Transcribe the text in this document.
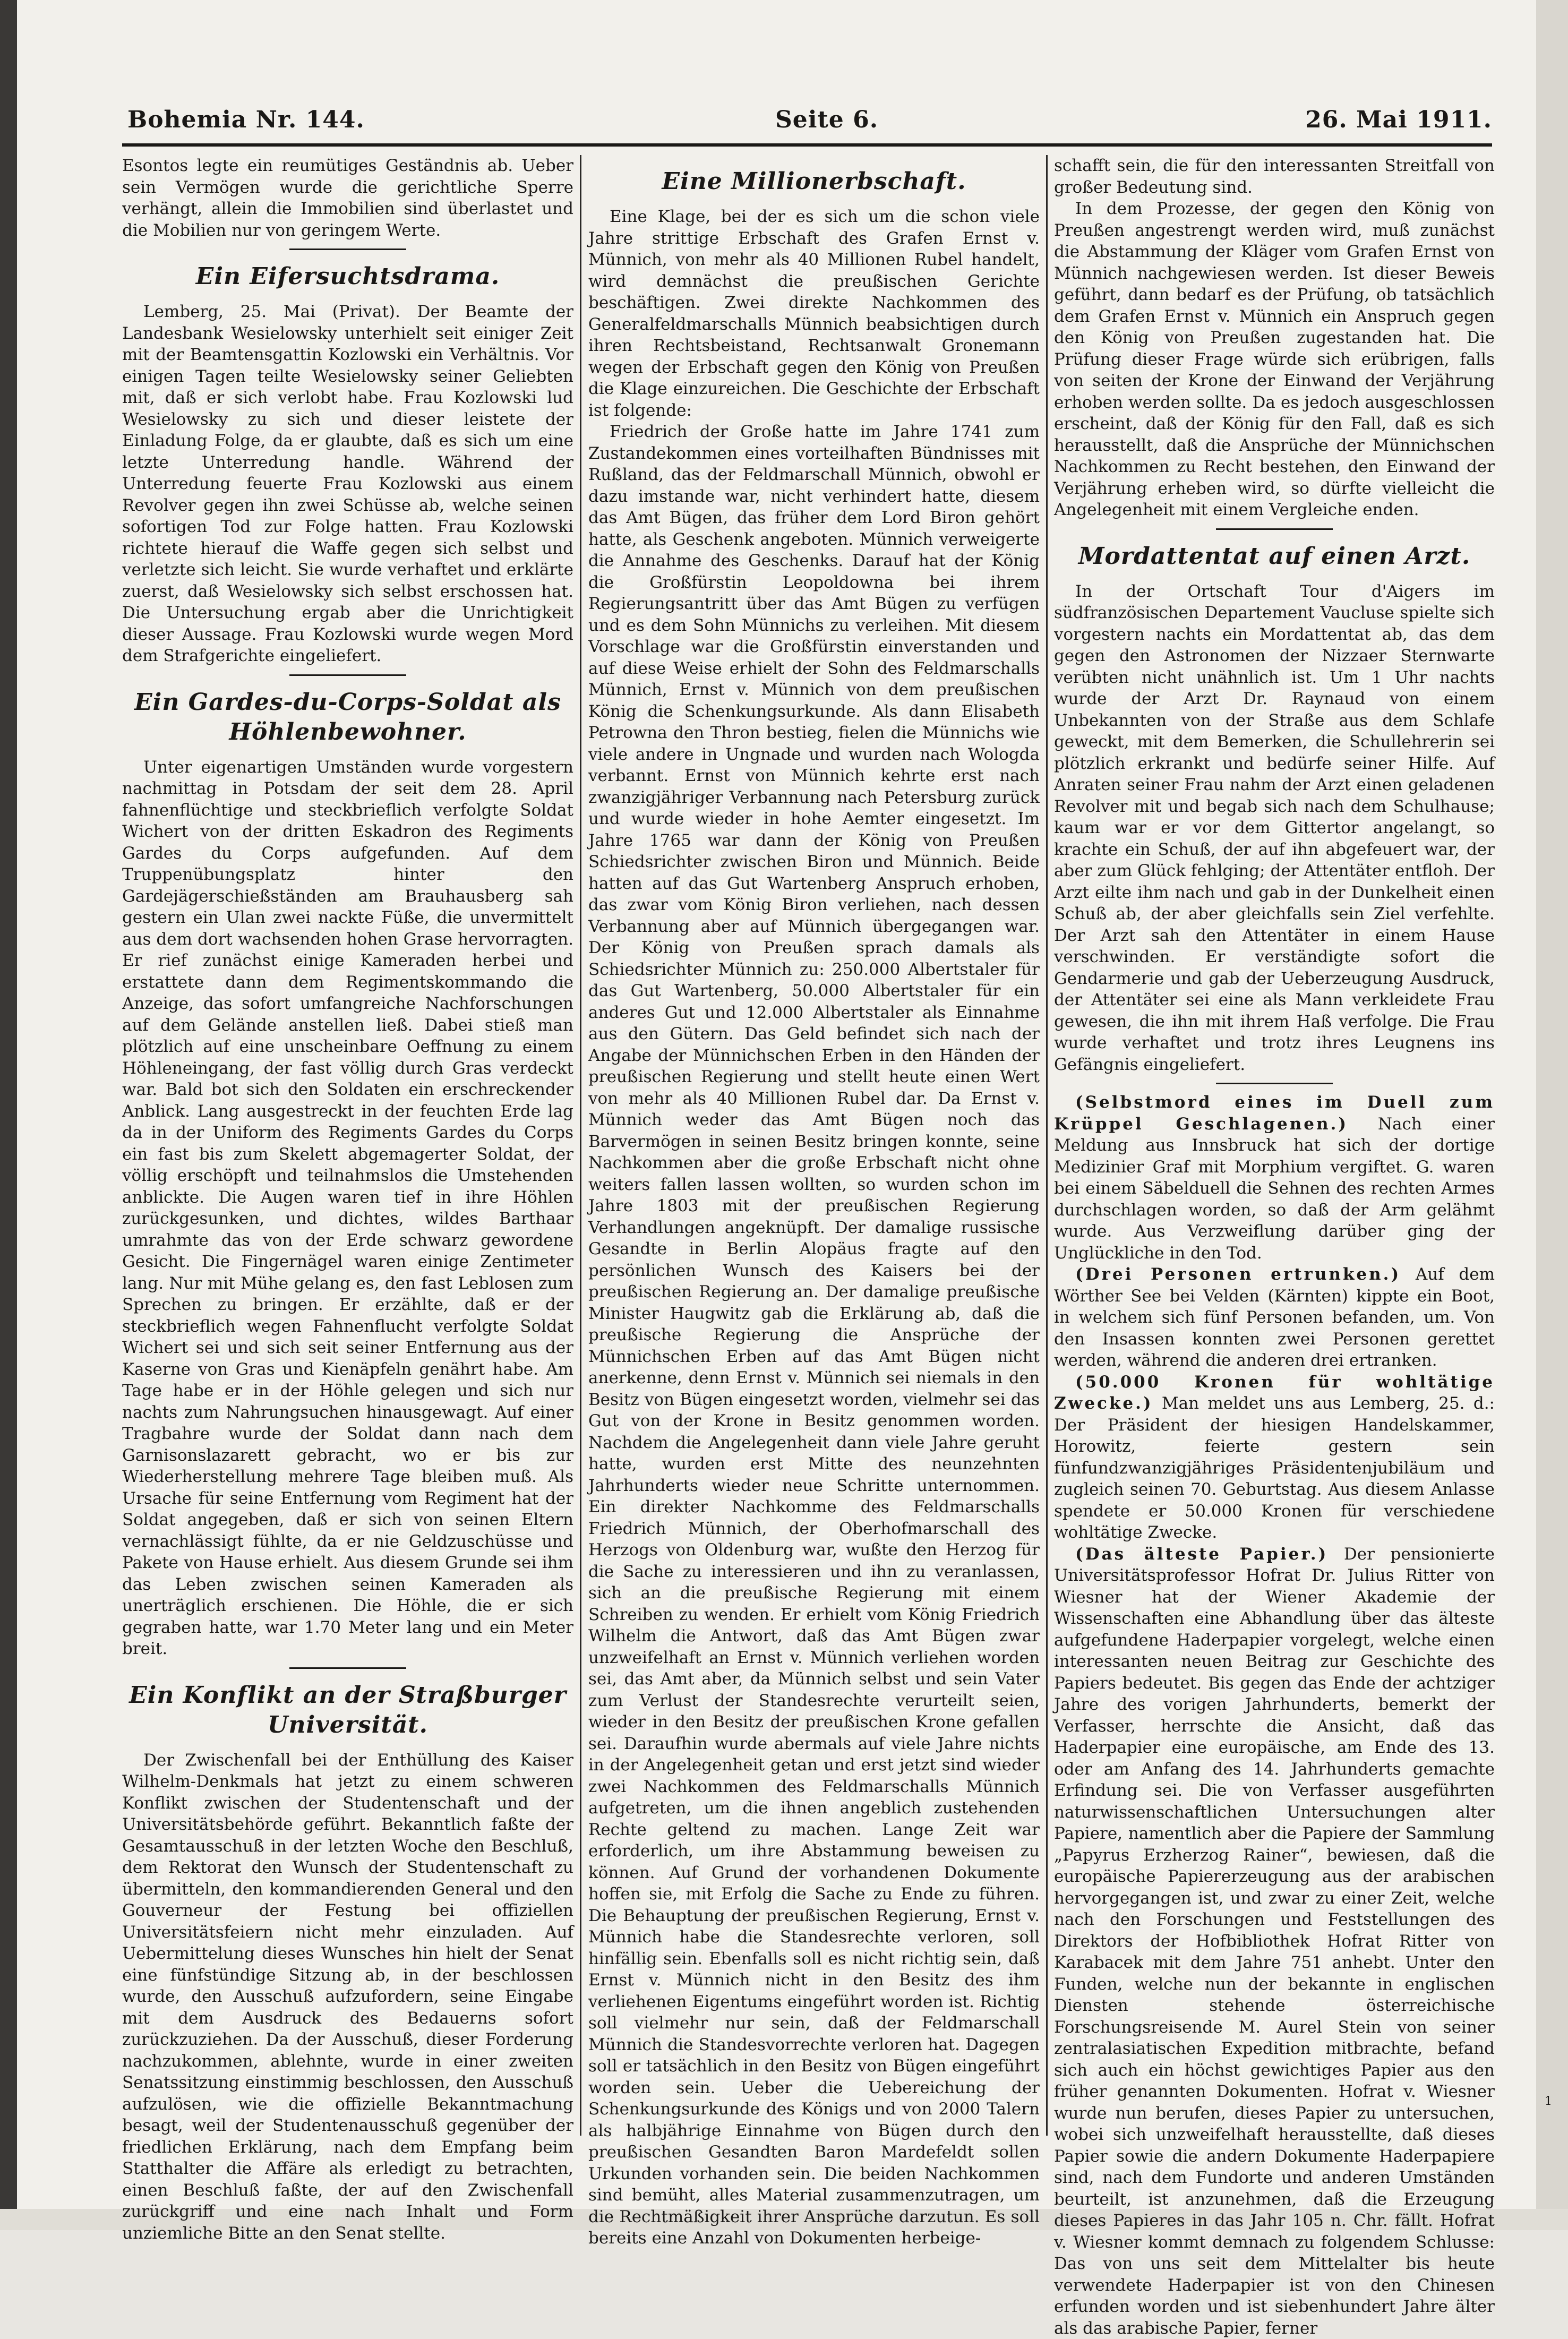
Bohemia Nr. 144.	Seite 6.	26. Mai 1911.

Esontos legte ein reumütiges Geständnis ab. Ueber sein Vermögen wurde die gerichtliche Sperre verhängt, allein die Immobilien sind überlastet und die Mobilien nur von geringem Werte.

Ein Eifersuchtsdrama.

Lemberg, 25. Mai (Privat). Der Beamte der Landesbank Wesielowsky unterhielt seit einiger Zeit mit der Beamtensgattin Kozlowski ein Verhältnis. Vor einigen Tagen teilte Wesielowsky seiner Geliebten mit, daß er sich verlobt habe. Frau Kozlowski lud Wesielowsky zu sich und dieser leistete der Einladung Folge, da er glaubte, daß es sich um eine letzte Unterredung handle. Während der Unterredung feuerte Frau Kozlowski aus einem Revolver gegen ihn zwei Schüsse ab, welche seinen sofortigen Tod zur Folge hatten. Frau Kozlowski richtete hierauf die Waffe gegen sich selbst und verletzte sich leicht. Sie wurde verhaftet und erklärte zuerst, daß Wesielowsky sich selbst erschossen hat. Die Untersuchung ergab aber die Unrichtigkeit dieser Aussage. Frau Kozlowski wurde wegen Mord dem Strafgerichte eingeliefert.

Ein Gardes-du-Corps-Soldat als Höhlenbewohner.

Unter eigenartigen Umständen wurde vorgestern nachmittag in Potsdam der seit dem 28. April fahnenflüchtige und steckbrieflich verfolgte Soldat Wichert von der dritten Eskadron des Regiments Gardes du Corps aufgefunden. Auf dem Truppenübungsplatz hinter den Gardejägerschießständen am Brauhausberg sah gestern ein Ulan zwei nackte Füße, die unvermittelt aus dem dort wachsenden hohen Grase hervorragten. Er rief zunächst einige Kameraden herbei und erstattete dann dem Regimentskommando die Anzeige, das sofort umfangreiche Nachforschungen auf dem Gelände anstellen ließ. Dabei stieß man plötzlich auf eine unscheinbare Oeffnung zu einem Höhleneingang, der fast völlig durch Gras verdeckt war. Bald bot sich den Soldaten ein erschreckender Anblick. Lang ausgestreckt in der feuchten Erde lag da in der Uniform des Regiments Gardes du Corps ein fast bis zum Skelett abgemagerter Soldat, der völlig erschöpft und teilnahmslos die Umstehenden anblickte. Die Augen waren tief in ihre Höhlen zurückgesunken, und dichtes, wildes Barthaar umrahmte das von der Erde schwarz gewordene Gesicht. Die Fingernägel waren einige Zentimeter lang. Nur mit Mühe gelang es, den fast Leblosen zum Sprechen zu bringen. Er erzählte, daß er der steckbrieflich wegen Fahnenflucht verfolgte Soldat Wichert sei und sich seit seiner Entfernung aus der Kaserne von Gras und Kienäpfeln genährt habe. Am Tage habe er in der Höhle gelegen und sich nur nachts zum Nahrungsuchen hinausgewagt. Auf einer Tragbahre wurde der Soldat dann nach dem Garnisonslazarett gebracht, wo er bis zur Wiederherstellung mehrere Tage bleiben muß. Als Ursache für seine Entfernung vom Regiment hat der Soldat angegeben, daß er sich von seinen Eltern vernachlässigt fühlte, da er nie Geldzuschüsse und Pakete von Hause erhielt. Aus diesem Grunde sei ihm das Leben zwischen seinen Kameraden als unerträglich erschienen. Die Höhle, die er sich gegraben hatte, war 1.70 Meter lang und ein Meter breit.

Ein Konflikt an der Straßburger Universität.

Der Zwischenfall bei der Enthüllung des Kaiser Wilhelm-Denkmals hat jetzt zu einem schweren Konflikt zwischen der Studentenschaft und der Universitätsbehörde geführt. Bekanntlich faßte der Gesamtausschuß in der letzten Woche den Beschluß, dem Rektorat den Wunsch der Studentenschaft zu übermitteln, den kommandierenden General und den Gouverneur der Festung bei offiziellen Universitätsfeiern nicht mehr einzuladen. Auf Uebermittelung dieses Wunsches hin hielt der Senat eine fünfstündige Sitzung ab, in der beschlossen wurde, den Ausschuß aufzufordern, seine Eingabe mit dem Ausdruck des Bedauerns sofort zurückzuziehen. Da der Ausschuß, dieser Forderung nachzukommen, ablehnte, wurde in einer zweiten Senatssitzung einstimmig beschlossen, den Ausschuß aufzulösen, wie die offizielle Bekanntmachung besagt, weil der Studentenausschuß gegenüber der friedlichen Erklärung, nach dem Empfang beim Statthalter die Affäre als erledigt zu betrachten, einen Beschluß faßte, der auf den Zwischenfall zurückgriff und eine nach Inhalt und Form unziemliche Bitte an den Senat stellte.

Eine Millionerbschaft.

Eine Klage, bei der es sich um die schon viele Jahre strittige Erbschaft des Grafen Ernst v. Münnich, von mehr als 40 Millionen Rubel handelt, wird demnächst die preußischen Gerichte beschäftigen. Zwei direkte Nachkommen des Generalfeldmarschalls Münnich beabsichtigen durch ihren Rechtsbeistand, Rechtsanwalt Gronemann wegen der Erbschaft gegen den König von Preußen die Klage einzureichen. Die Geschichte der Erbschaft ist folgende:

Friedrich der Große hatte im Jahre 1741 zum Zustandekommen eines vorteilhaften Bündnisses mit Rußland, das der Feldmarschall Münnich, obwohl er dazu imstande war, nicht verhindert hatte, diesem das Amt Bügen, das früher dem Lord Biron gehört hatte, als Geschenk angeboten. Münnich verweigerte die Annahme des Geschenks. Darauf hat der König die Großfürstin Leopoldowna bei ihrem Regierungsantritt über das Amt Bügen zu verfügen und es dem Sohn Münnichs zu verleihen. Mit diesem Vorschlage war die Großfürstin einverstanden und auf diese Weise erhielt der Sohn des Feldmarschalls Münnich, Ernst v. Münnich von dem preußischen König die Schenkungsurkunde. Als dann Elisabeth Petrowna den Thron bestieg, fielen die Münnichs wie viele andere in Ungnade und wurden nach Wologda verbannt. Ernst von Münnich kehrte erst nach zwanzigjähriger Verbannung nach Petersburg zurück und wurde wieder in hohe Aemter eingesetzt. Im Jahre 1765 war dann der König von Preußen Schiedsrichter zwischen Biron und Münnich. Beide hatten auf das Gut Wartenberg Anspruch erhoben, das zwar vom König Biron verliehen, nach dessen Verbannung aber auf Münnich übergegangen war. Der König von Preußen sprach damals als Schiedsrichter Münnich zu: 250.000 Albertstaler für das Gut Wartenberg, 50.000 Albertstaler für ein anderes Gut und 12.000 Albertstaler als Einnahme aus den Gütern. Das Geld befindet sich nach der Angabe der Münnichschen Erben in den Händen der preußischen Regierung und stellt heute einen Wert von mehr als 40 Millionen Rubel dar. Da Ernst v. Münnich weder das Amt Bügen noch das Barvermögen in seinen Besitz bringen konnte, seine Nachkommen aber die große Erbschaft nicht ohne weiters fallen lassen wollten, so wurden schon im Jahre 1803 mit der preußischen Regierung Verhandlungen angeknüpft. Der damalige russische Gesandte in Berlin Alopäus fragte auf den persönlichen Wunsch des Kaisers bei der preußischen Regierung an. Der damalige preußische Minister Haugwitz gab die Erklärung ab, daß die preußische Regierung die Ansprüche der Münnichschen Erben auf das Amt Bügen nicht anerkenne, denn Ernst v. Münnich sei niemals in den Besitz von Bügen eingesetzt worden, vielmehr sei das Gut von der Krone in Besitz genommen worden. Nachdem die Angelegenheit dann viele Jahre geruht hatte, wurden erst Mitte des neunzehnten Jahrhunderts wieder neue Schritte unternommen. Ein direkter Nachkomme des Feldmarschalls Friedrich Münnich, der Oberhofmarschall des Herzogs von Oldenburg war, wußte den Herzog für die Sache zu interessieren und ihn zu veranlassen, sich an die preußische Regierung mit einem Schreiben zu wenden. Er erhielt vom König Friedrich Wilhelm die Antwort, daß das Amt Bügen zwar unzweifelhaft an Ernst v. Münnich verliehen worden sei, das Amt aber, da Münnich selbst und sein Vater zum Verlust der Standesrechte verurteilt seien, wieder in den Besitz der preußischen Krone gefallen sei. Daraufhin wurde abermals auf viele Jahre nichts in der Angelegenheit getan und erst jetzt sind wieder zwei Nachkommen des Feldmarschalls Münnich aufgetreten, um die ihnen angeblich zustehenden Rechte geltend zu machen. Lange Zeit war erforderlich, um ihre Abstammung beweisen zu können. Auf Grund der vorhandenen Dokumente hoffen sie, mit Erfolg die Sache zu Ende zu führen. Die Behauptung der preußischen Regierung, Ernst v. Münnich habe die Standesrechte verloren, soll hinfällig sein. Ebenfalls soll es nicht richtig sein, daß Ernst v. Münnich nicht in den Besitz des ihm verliehenen Eigentums eingeführt worden ist. Richtig soll vielmehr nur sein, daß der Feldmarschall Münnich die Standesvorrechte verloren hat. Dagegen soll er tatsächlich in den Besitz von Bügen eingeführt worden sein. Ueber die Uebereichung der Schenkungsurkunde des Königs und von 2000 Talern als halbjährige Einnahme von Bügen durch den preußischen Gesandten Baron Mardefeldt sollen Urkunden vorhanden sein. Die beiden Nachkommen sind bemüht, alles Material zusammenzutragen, um die Rechtmäßigkeit ihrer Ansprüche darzutun. Es soll bereits eine Anzahl von Dokumenten herbeige-

schafft sein, die für den interessanten Streitfall von großer Bedeutung sind.

In dem Prozesse, der gegen den König von Preußen angestrengt werden wird, muß zunächst die Abstammung der Kläger vom Grafen Ernst von Münnich nachgewiesen werden. Ist dieser Beweis geführt, dann bedarf es der Prüfung, ob tatsächlich dem Grafen Ernst v. Münnich ein Anspruch gegen den König von Preußen zugestanden hat. Die Prüfung dieser Frage würde sich erübrigen, falls von seiten der Krone der Einwand der Verjährung erhoben werden sollte. Da es jedoch ausgeschlossen erscheint, daß der König für den Fall, daß es sich herausstellt, daß die Ansprüche der Münnichschen Nachkommen zu Recht bestehen, den Einwand der Verjährung erheben wird, so dürfte vielleicht die Angelegenheit mit einem Vergleiche enden.

Mordattentat auf einen Arzt.

In der Ortschaft Tour d'Aigers im südfranzösischen Departement Vaucluse spielte sich vorgestern nachts ein Mordattentat ab, das dem gegen den Astronomen der Nizzaer Sternwarte verübten nicht unähnlich ist. Um 1 Uhr nachts wurde der Arzt Dr. Raynaud von einem Unbekannten von der Straße aus dem Schlafe geweckt, mit dem Bemerken, die Schullehrerin sei plötzlich erkrankt und bedürfe seiner Hilfe. Auf Anraten seiner Frau nahm der Arzt einen geladenen Revolver mit und begab sich nach dem Schulhause; kaum war er vor dem Gittertor angelangt, so krachte ein Schuß, der auf ihn abgefeuert war, der aber zum Glück fehlging; der Attentäter entfloh. Der Arzt eilte ihm nach und gab in der Dunkelheit einen Schuß ab, der aber gleichfalls sein Ziel verfehlte. Der Arzt sah den Attentäter in einem Hause verschwinden. Er verständigte sofort die Gendarmerie und gab der Ueberzeugung Ausdruck, der Attentäter sei eine als Mann verkleidete Frau gewesen, die ihn mit ihrem Haß verfolge. Die Frau wurde verhaftet und trotz ihres Leugnens ins Gefängnis eingeliefert.

(Selbstmord eines im Duell zum Krüppel Geschlagenen.) Nach einer Meldung aus Innsbruck hat sich der dortige Medizinier Graf mit Morphium vergiftet. G. waren bei einem Säbelduell die Sehnen des rechten Armes durchschlagen worden, so daß der Arm gelähmt wurde. Aus Verzweiflung darüber ging der Unglückliche in den Tod.

(Drei Personen ertrunken.) Auf dem Wörther See bei Velden (Kärnten) kippte ein Boot, in welchem sich fünf Personen befanden, um. Von den Insassen konnten zwei Personen gerettet werden, während die anderen drei ertranken.

(50.000 Kronen für wohltätige Zwecke.) Man meldet uns aus Lemberg, 25. d.: Der Präsident der hiesigen Handelskammer, Horowitz, feierte gestern sein fünfundzwanzigjähriges Präsidentenjubiläum und zugleich seinen 70. Geburtstag. Aus diesem Anlasse spendete er 50.000 Kronen für verschiedene wohltätige Zwecke.

(Das älteste Papier.) Der pensionierte Universitätsprofessor Hofrat Dr. Julius Ritter von Wiesner hat der Wiener Akademie der Wissenschaften eine Abhandlung über das älteste aufgefundene Haderpapier vorgelegt, welche einen interessanten neuen Beitrag zur Geschichte des Papiers bedeutet. Bis gegen das Ende der achtziger Jahre des vorigen Jahrhunderts, bemerkt der Verfasser, herrschte die Ansicht, daß das Haderpapier eine europäische, am Ende des 13. oder am Anfang des 14. Jahrhunderts gemachte Erfindung sei. Die von Verfasser ausgeführten naturwissenschaftlichen Untersuchungen alter Papiere, namentlich aber die Papiere der Sammlung „Papyrus Erzherzog Rainer“, bewiesen, daß die europäische Papiererzeugung aus der arabischen hervorgegangen ist, und zwar zu einer Zeit, welche nach den Forschungen und Feststellungen des Direktors der Hofbibliothek Hofrat Ritter von Karabacek mit dem Jahre 751 anhebt. Unter den Funden, welche nun der bekannte in englischen Diensten stehende österreichische Forschungsreisende M. Aurel Stein von seiner zentralasiatischen Expedition mitbrachte, befand sich auch ein höchst gewichtiges Papier aus den früher genannten Dokumenten. Hofrat v. Wiesner wurde nun berufen, dieses Papier zu untersuchen, wobei sich unzweifelhaft herausstellte, daß dieses Papier sowie die andern Dokumente Haderpapiere sind, nach dem Fundorte und anderen Umständen beurteilt, ist anzunehmen, daß die Erzeugung dieses Papieres in das Jahr 105 n. Chr. fällt. Hofrat v. Wiesner kommt demnach zu folgendem Schlusse: Das von uns seit dem Mittelalter bis heute verwendete Haderpapier ist von den Chinesen erfunden worden und ist siebenhundert Jahre älter als das arabische Papier, ferner

1
